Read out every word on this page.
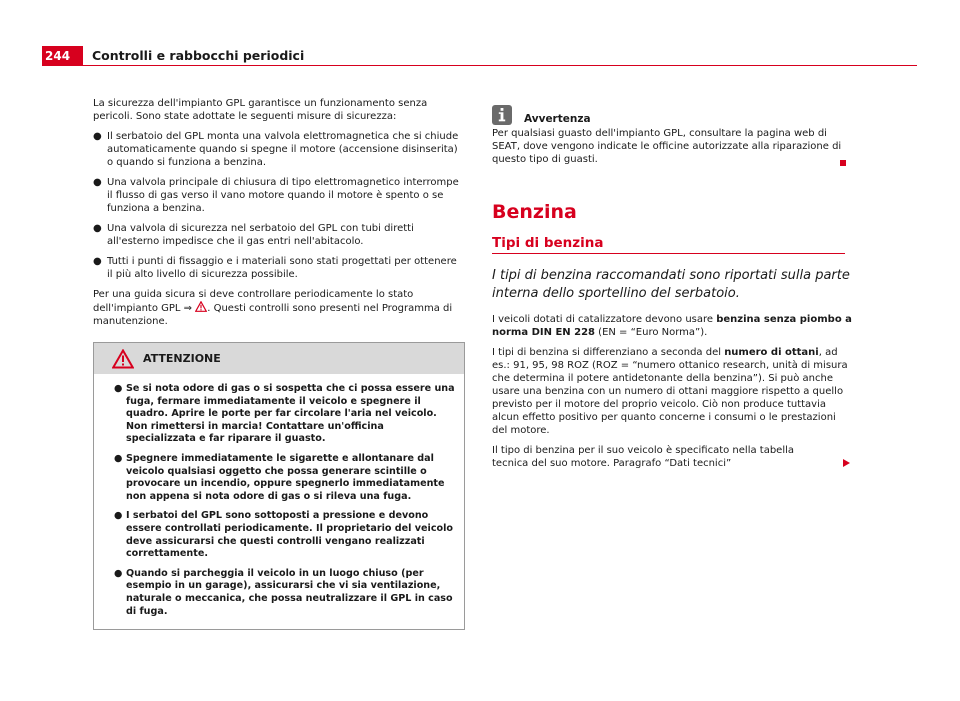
244	Controlli e rabbocchi periodici

La sicurezza dell'impianto GPL garantisce un funzionamento senza pericoli. Sono state adottate le seguenti misure di sicurezza:

● Il serbatoio del GPL monta una valvola elettromagnetica che si chiude automaticamente quando si spegne il motore (accensione disinserita) o quando si funziona a benzina.
● Una valvola principale di chiusura di tipo elettromagnetico interrompe il flusso di gas verso il vano motore quando il motore è spento o se funziona a benzina.
● Una valvola di sicurezza nel serbatoio del GPL con tubi diretti all'esterno impedisce che il gas entri nell'abitacolo.
● Tutti i punti di fissaggio e i materiali sono stati progettati per ottenere il più alto livello di sicurezza possibile.

Per una guida sicura si deve controllare periodicamente lo stato dell'impianto GPL ⇒ . Questi controlli sono presenti nel Programma di manutenzione.

ATTENZIONE
● Se si nota odore di gas o si sospetta che ci possa essere una fuga, fermare immediatamente il veicolo e spegnere il quadro. Aprire le porte per far circolare l'aria nel veicolo. Non rimettersi in marcia! Contattare un'officina specializzata e far riparare il guasto.
● Spegnere immediatamente le sigarette e allontanare dal veicolo qualsiasi oggetto che possa generare scintille o provocare un incendio, oppure spegnerlo immediatamente non appena si nota odore di gas o si rileva una fuga.
● I serbatoi del GPL sono sottoposti a pressione e devono essere controllati periodicamente. Il proprietario del veicolo deve assicurarsi che questi controlli vengano realizzati correttamente.
● Quando si parcheggia il veicolo in un luogo chiuso (per esempio in un garage), assicurarsi che vi sia ventilazione, naturale o meccanica, che possa neutralizzare il GPL in caso di fuga.
Avvertenza

Per qualsiasi guasto dell'impianto GPL, consultare la pagina web di SEAT, dove vengono indicate le officine autorizzate alla riparazione di questo tipo di guasti.

Benzina
Tipi di benzina

I tipi di benzina raccomandati sono riportati sulla parte interna dello sportellino del serbatoio.

I veicoli dotati di catalizzatore devono usare benzina senza piombo a norma DIN EN 228 (EN = “Euro Norma”).

I tipi di benzina si differenziano a seconda del numero di ottani, ad es.: 91, 95, 98 ROZ (ROZ = “numero ottanico research, unità di misura che determina il potere antidetonante della benzina”). Si può anche usare una benzina con un numero di ottani maggiore rispetto a quello previsto per il motore del proprio veicolo. Ciò non produce tuttavia alcun effetto positivo per quanto concerne i consumi o le prestazioni del motore.

Il tipo di benzina per il suo veicolo è specificato nella tabella tecnica del suo motore. Paragrafo “Dati tecnici”
